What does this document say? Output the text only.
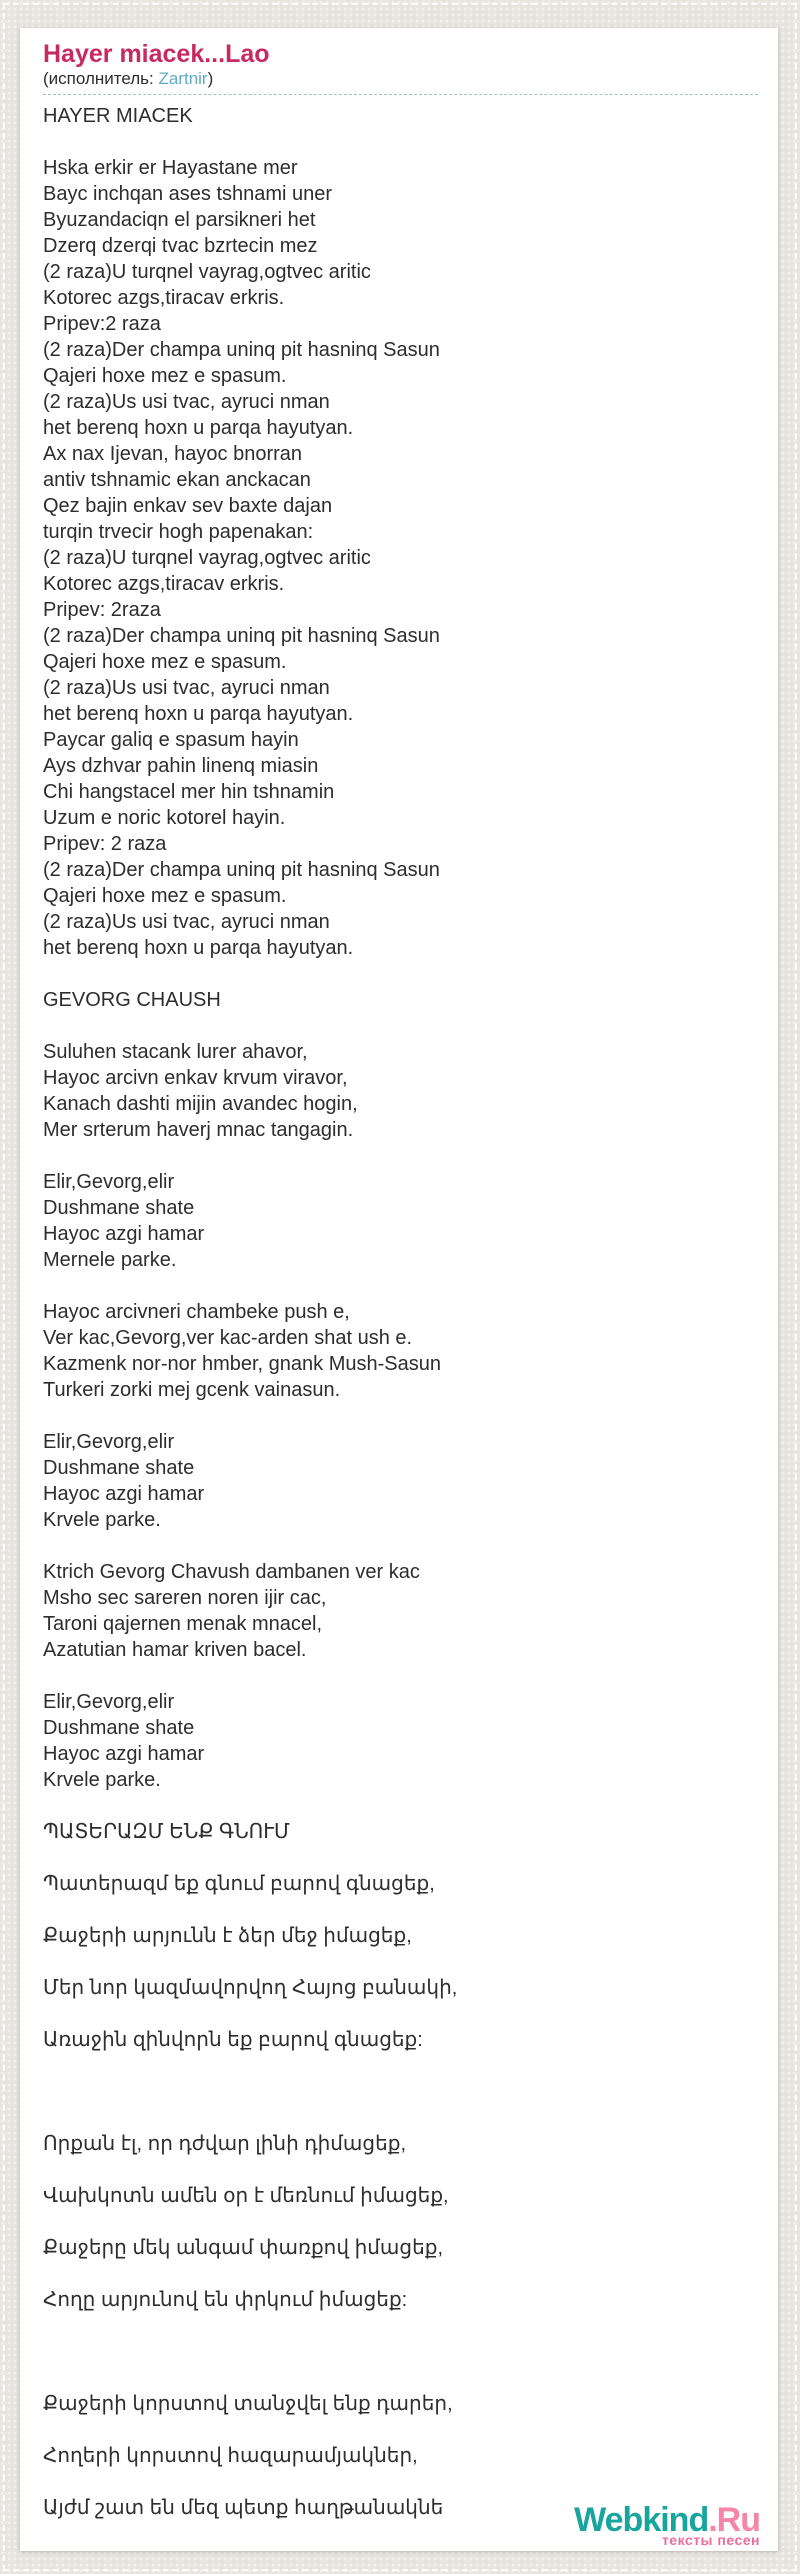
Hayer miacek...Lao
(исполнитель: Zartnir)
HAYER MIACEK

Hska erkir er Hayastane mer
Bayc inchqan ases tshnami uner
Byuzandaciqn el parsikneri het
Dzerq dzerqi tvac bzrtecin mez
(2 raza)U turqnel vayrag,ogtvec aritic
Kotorec azgs,tiracav erkris.
Pripev:2 raza
(2 raza)Der champa uninq pit hasninq Sasun
Qajeri hoxe mez e spasum.
(2 raza)Us usi tvac, ayruci nman
het berenq hoxn u parqa hayutyan.
Ax nax Ijevan, hayoc bnorran
antiv tshnamic ekan anckacan
Qez bajin enkav sev baxte dajan
turqin trvecir hogh papenakan:
(2 raza)U turqnel vayrag,ogtvec aritic
Kotorec azgs,tiracav erkris.
Pripev: 2raza
(2 raza)Der champa uninq pit hasninq Sasun
Qajeri hoxe mez e spasum.
(2 raza)Us usi tvac, ayruci nman
het berenq hoxn u parqa hayutyan.
Paycar galiq e spasum hayin
Ays dzhvar pahin linenq miasin
Chi hangstacel mer hin tshnamin
Uzum e noric kotorel hayin.
Pripev: 2 raza
(2 raza)Der champa uninq pit hasninq Sasun
Qajeri hoxe mez e spasum.
(2 raza)Us usi tvac, ayruci nman
het berenq hoxn u parqa hayutyan.

GEVORG CHAUSH

Suluhen stacank lurer ahavor,
Hayoc arcivn enkav krvum viravor,
Kanach dashti mijin avandec hogin,
Mer srterum haverj mnac tangagin.

Elir,Gevorg,elir
Dushmane shate
Hayoc azgi hamar
Mernele parke.

Hayoc arcivneri chambeke push e,
Ver kac,Gevorg,ver kac-arden shat ush e.
Kazmenk nor-nor hmber, gnank Mush-Sasun
Turkeri zorki mej gcenk vainasun.

Elir,Gevorg,elir
Dushmane shate
Hayoc azgi hamar
Krvele parke.

Ktrich Gevorg Chavush dambanen ver kac
Msho sec sareren noren ijir cac,
Taroni qajernen menak mnacel,
Azatutian hamar kriven bacel.

Elir,Gevorg,elir
Dushmane shate
Hayoc azgi hamar
Krvele parke.

ՊԱՏԵՐԱԶՄ ԵՆՔ ԳՆՈՒՄ

Պատերազմ եք գնում բարով գնացեք,

Քաջերի արյունն է ձեր մեջ իմացեք,

Մեր նոր կազմավորվող Հայոց բանակի,

Առաջին զինվորն եք բարով գնացեք:

Որքան էլ, որ դժվար լինի դիմացեք,

Վախկոտն ամեն օր է մեռնում իմացեք,

Քաջերը մեկ անգամ փառքով իմացեք,

Հողը արյունով են փրկում իմացեք:

Քաջերի կորստով տանջվել ենք դարեր,

Հողերի կորստով հազարամյակներ,

Այժմ շատ են մեզ պետք հաղթանակնե	Webkind.Ru
тексты песен
